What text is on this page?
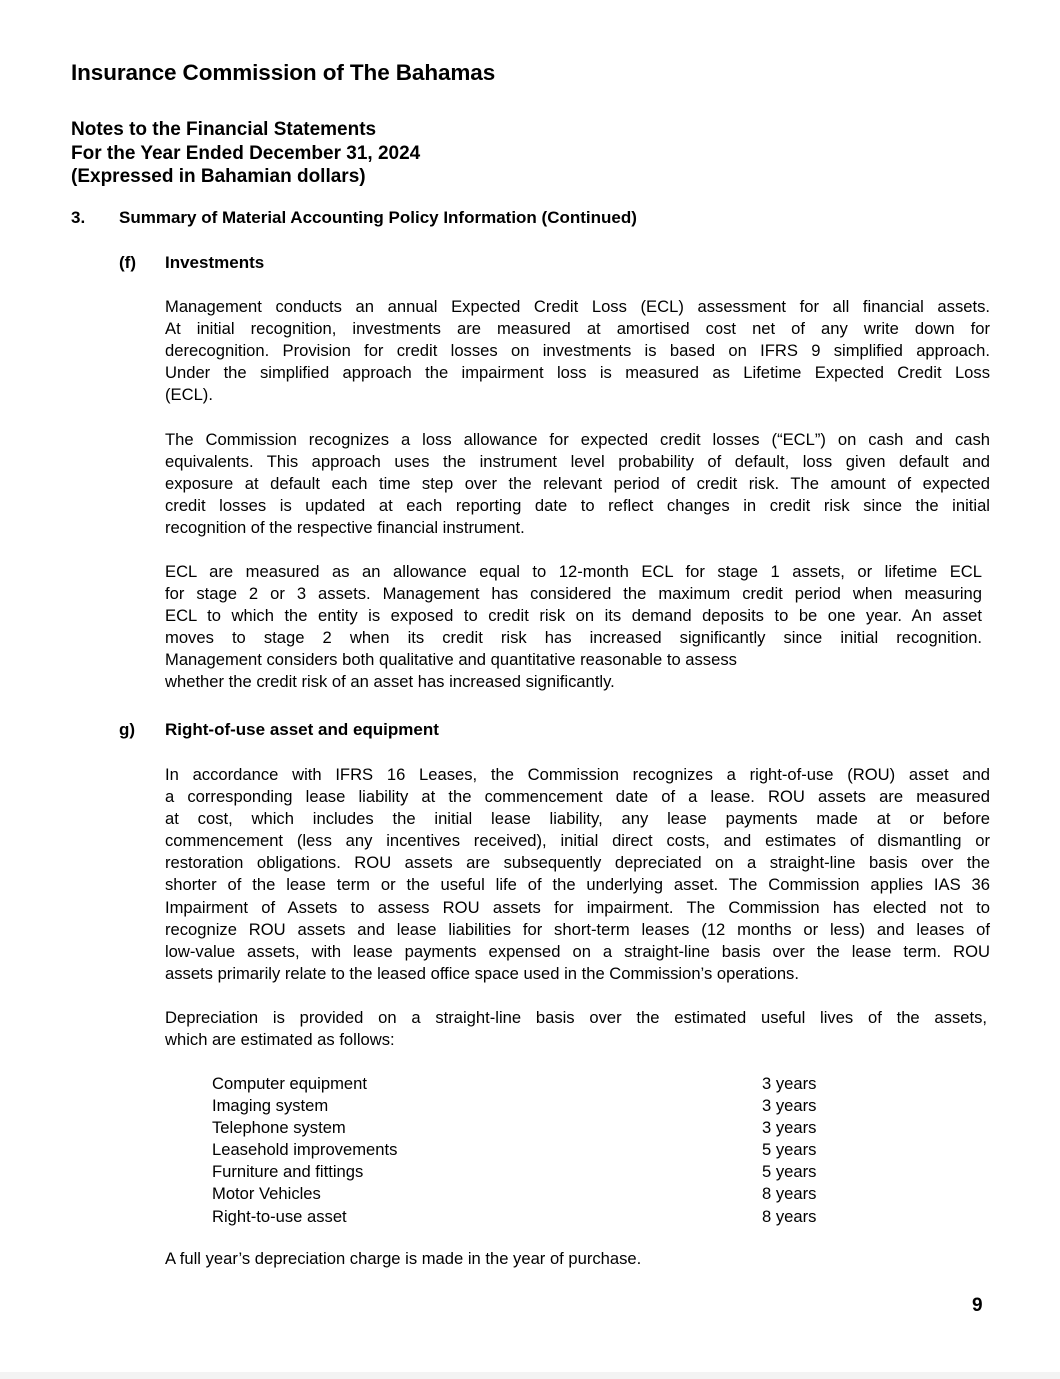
Insurance Commission of The Bahamas
Notes to the Financial Statements
For the Year Ended December 31, 2024
(Expressed in Bahamian dollars)
3. Summary of Material Accounting Policy Information (Continued)
(f) Investments
Management conducts an annual Expected Credit Loss (ECL) assessment for all financial assets.
At initial recognition, investments are measured at amortised cost net of any write down for
derecognition. Provision for credit losses on investments is based on IFRS 9 simplified approach.
Under the simplified approach the impairment loss is measured as Lifetime Expected Credit Loss
(ECL).
The Commission recognizes a loss allowance for expected credit losses (“ECL”) on cash and cash
equivalents. This approach uses the instrument level probability of default, loss given default and
exposure at default each time step over the relevant period of credit risk. The amount of expected
credit losses is updated at each reporting date to reflect changes in credit risk since the initial
recognition of the respective financial instrument.
ECL are measured as an allowance equal to 12-month ECL for stage 1 assets, or lifetime ECL
for stage 2 or 3 assets. Management has considered the maximum credit period when measuring
ECL to which the entity is exposed to credit risk on its demand deposits to be one year. An asset
moves to stage 2 when its credit risk has increased significantly since initial recognition.
Management considers both qualitative and quantitative reasonable to assess
whether the credit risk of an asset has increased significantly.
g) Right-of-use asset and equipment
In accordance with IFRS 16 Leases, the Commission recognizes a right-of-use (ROU) asset and
a corresponding lease liability at the commencement date of a lease. ROU assets are measured
at cost, which includes the initial lease liability, any lease payments made at or before
commencement (less any incentives received), initial direct costs, and estimates of dismantling or
restoration obligations. ROU assets are subsequently depreciated on a straight-line basis over the
shorter of the lease term or the useful life of the underlying asset. The Commission applies IAS 36
Impairment of Assets to assess ROU assets for impairment. The Commission has elected not to
recognize ROU assets and lease liabilities for short-term leases (12 months or less) and leases of
low-value assets, with lease payments expensed on a straight-line basis over the lease term. ROU
assets primarily relate to the leased office space used in the Commission’s operations.
Depreciation is provided on a straight-line basis over the estimated useful lives of the assets,
which are estimated as follows:
Computer equipment	3 years
Imaging system	3 years
Telephone system	3 years
Leasehold improvements	5 years
Furniture and fittings	5 years
Motor Vehicles	8 years
Right-to-use asset	8 years
A full year’s depreciation charge is made in the year of purchase.
9
